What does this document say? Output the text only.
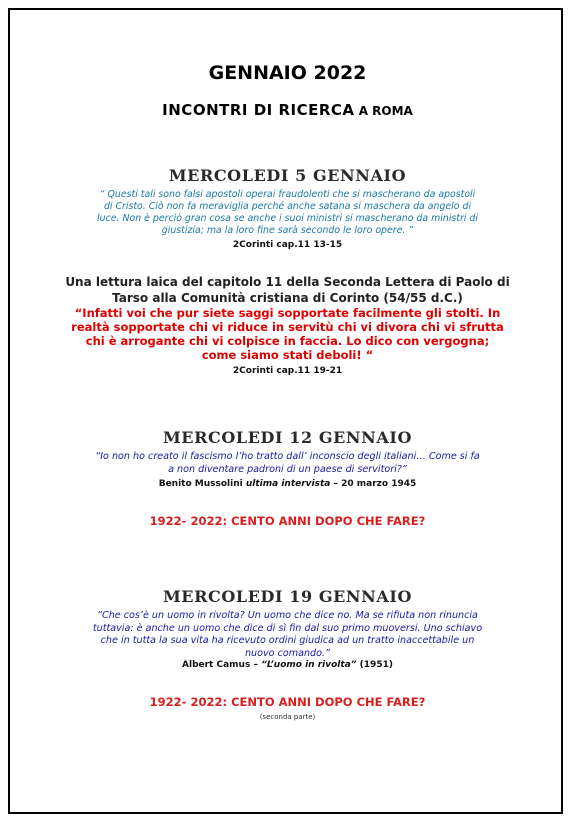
GENNAIO 2022
INCONTRI DI RICERCA A ROMA
MERCOLEDI 5 GENNAIO
“ Questi tali sono falsi apostoli operai fraudolenti che si mascherano da apostoli
di Cristo. Ciò non fa meraviglia perché anche satana si maschera da angelo di
luce. Non è perciò gran cosa se anche i suoi ministri si mascherano da ministri di
giustizia; ma la loro fine sarà secondo le loro opere. ”
2Corinti cap.11 13-15
Una lettura laica del capitolo 11 della Seconda Lettera di Paolo di
Tarso alla Comunità cristiana di Corinto (54/55 d.C.)
“Infatti voi che pur siete saggi sopportate facilmente gli stolti. In
realtà sopportate chi vi riduce in servitù chi vi divora chi vi sfrutta
chi è arrogante chi vi colpisce in faccia. Lo dico con vergogna;
come siamo stati deboli! “
2Corinti cap.11 19-21
MERCOLEDI 12 GENNAIO
“Io non ho creato il fascismo l’ho tratto dall’ inconscio degli italiani… Come si fa
a non diventare padroni di un paese di servitori?”
Benito Mussolini ultima intervista – 20 marzo 1945
1922- 2022: CENTO ANNI DOPO CHE FARE?
MERCOLEDI 19 GENNAIO
“Che cos’è un uomo in rivolta? Un uomo che dice no. Ma se rifiuta non rinuncia
tuttavia: è anche un uomo che dice di sì fin dal suo primo muoversi. Uno schiavo
che in tutta la sua vita ha ricevuto ordini giudica ad un tratto inaccettabile un
nuovo comando.”
Albert Camus – “L’uomo in rivolta” (1951)
1922- 2022: CENTO ANNI DOPO CHE FARE?
(seconda parte)
